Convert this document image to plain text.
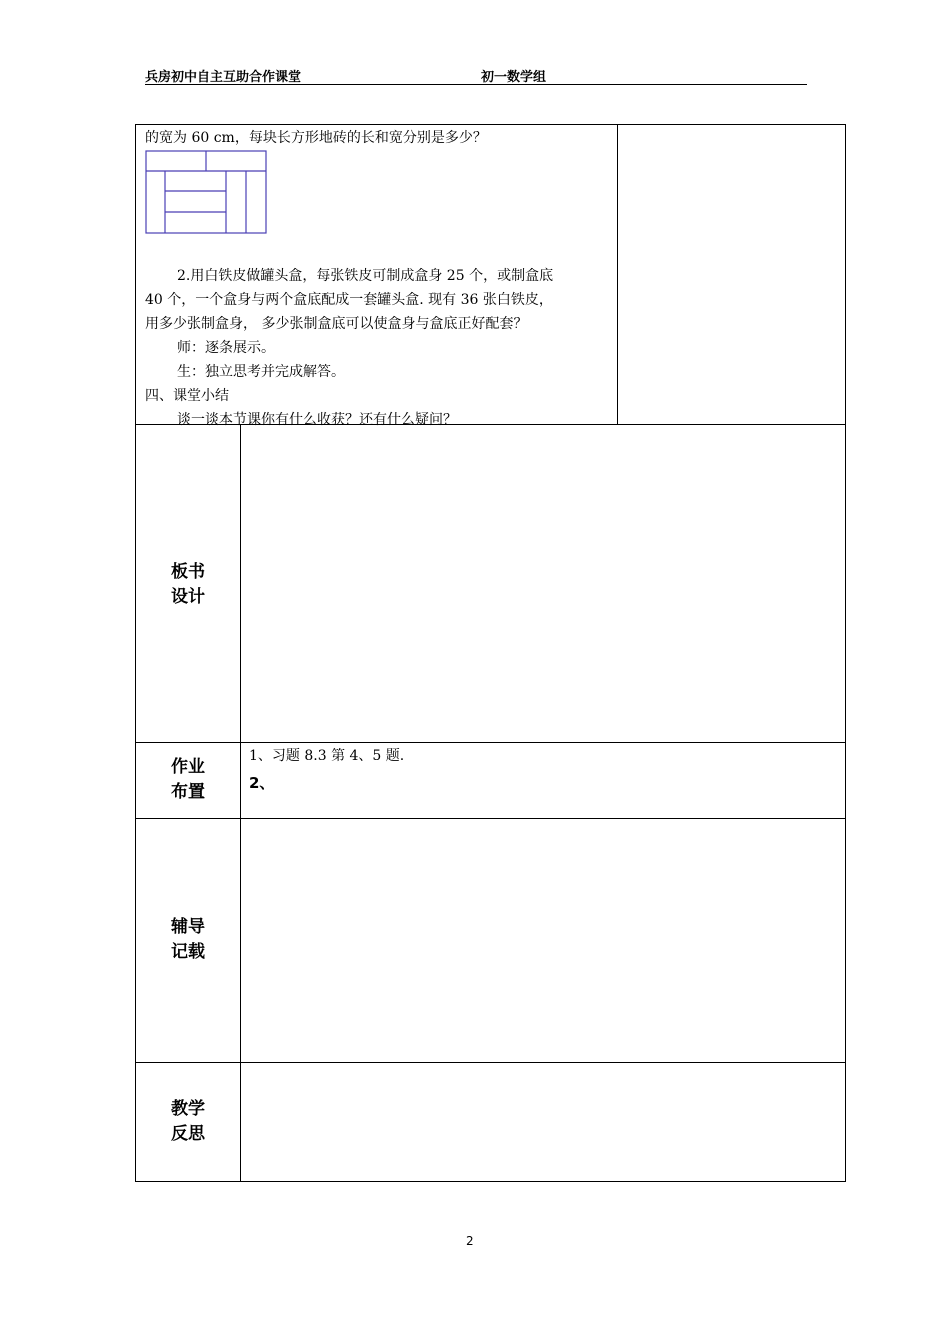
兵房初中自主互助合作课堂	初一数学组
的宽为 60 cm，每块长方形地砖的长和宽分别是多少？
2.用白铁皮做罐头盒，每张铁皮可制成盒身 25 个，或制盒底
40 个，一个盒身与两个盒底配成一套罐头盒. 现有 36 张白铁皮，
用多少张制盒身， 多少张制盒底可以使盒身与盒底正好配套？
师：逐条展示。
生：独立思考并完成解答。
四、课堂小结
谈一谈本节课你有什么收获？还有什么疑问？
板书
设计
作业
布置
辅导
记载
教学
反思
1、习题 8.3 第 4、5 题.
2、
2
